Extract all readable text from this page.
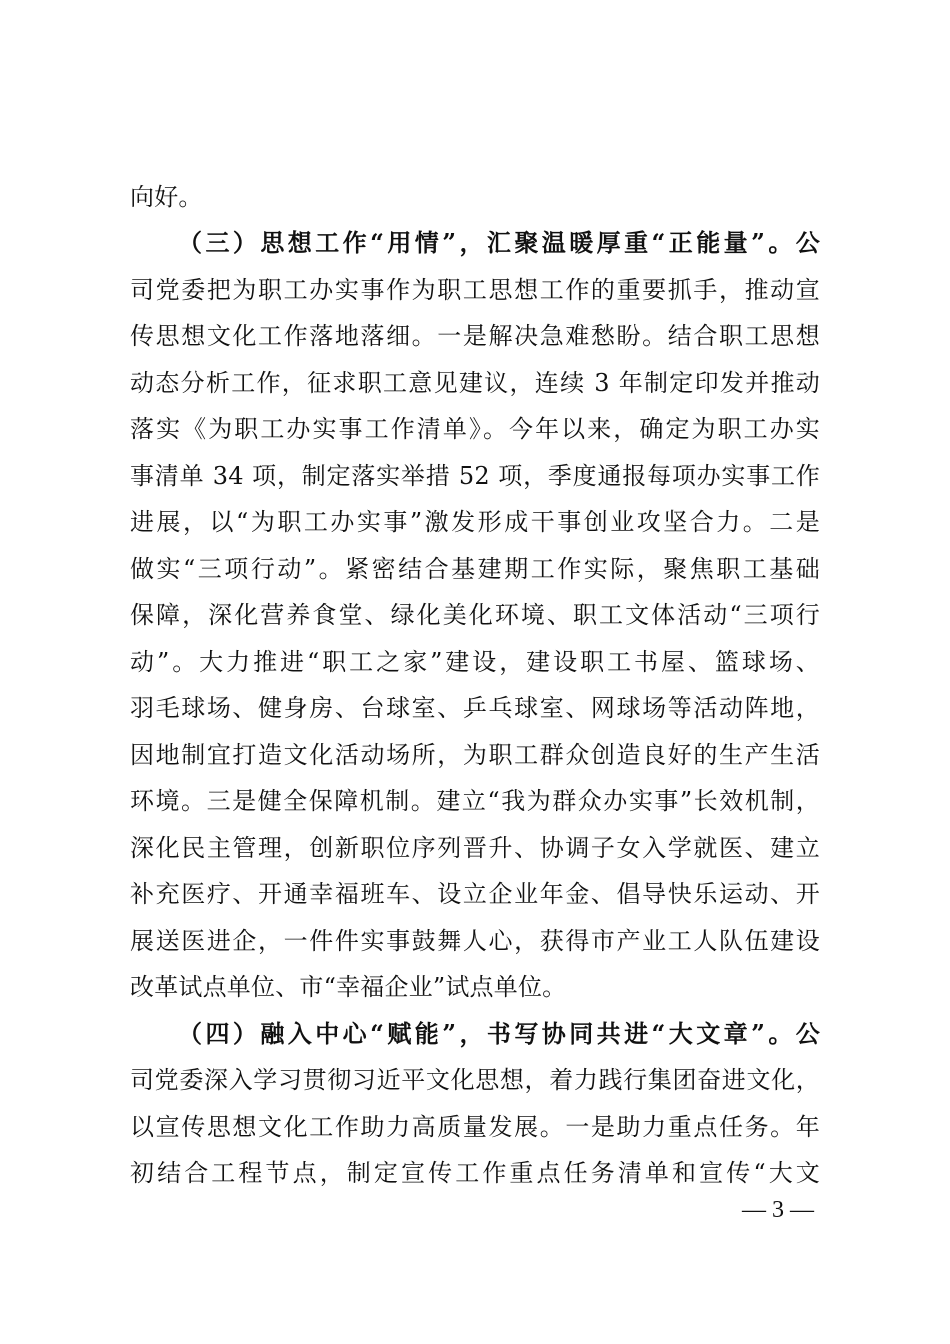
向好。
（三）思想工作“用情”，汇聚温暖厚重“正能量”。公
司党委把为职工办实事作为职工思想工作的重要抓手，推动宣
传思想文化工作落地落细。一是解决急难愁盼。结合职工思想
动态分析工作，征求职工意见建议，连续 3 年制定印发并推动
落实《为职工办实事工作清单》。今年以来，确定为职工办实
事清单 34 项，制定落实举措 52 项，季度通报每项办实事工作
进展，以“为职工办实事”激发形成干事创业攻坚合力。二是
做实“三项行动”。紧密结合基建期工作实际，聚焦职工基础
保障，深化营养食堂、绿化美化环境、职工文体活动“三项行
动”。大力推进“职工之家”建设，建设职工书屋、篮球场、
羽毛球场、健身房、台球室、乒乓球室、网球场等活动阵地，
因地制宜打造文化活动场所，为职工群众创造良好的生产生活
环境。三是健全保障机制。建立“我为群众办实事”长效机制，
深化民主管理，创新职位序列晋升、协调子女入学就医、建立
补充医疗、开通幸福班车、设立企业年金、倡导快乐运动、开
展送医进企，一件件实事鼓舞人心，获得市产业工人队伍建设
改革试点单位、市“幸福企业”试点单位。
（四）融入中心“赋能”，书写协同共进“大文章”。公
司党委深入学习贯彻习近平文化思想，着力践行集团奋进文化，
以宣传思想文化工作助力高质量发展。一是助力重点任务。年
初结合工程节点，制定宣传工作重点任务清单和宣传“大文
— 3 —
